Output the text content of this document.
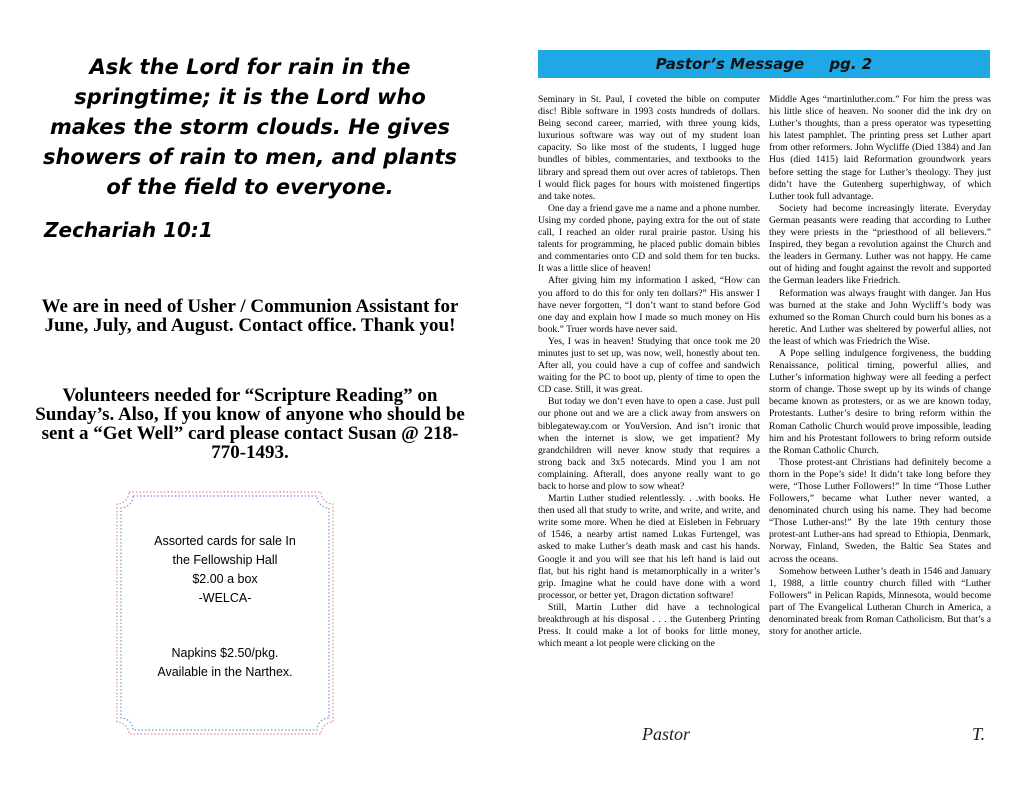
Ask the Lord for rain in the springtime; it is the Lord who makes the storm clouds. He gives showers of rain to men, and plants of the field to everyone.
Zechariah 10:1
We are in need of Usher / Communion Assistant for June, July, and August. Contact office. Thank you!
Volunteers needed for “Scripture Reading” on Sunday’s. Also, If you know of anyone who should be sent a “Get Well” card please contact Susan @ 218-770-1493.
Assorted cards for sale In
the Fellowship Hall
$2.00 a box
-WELCA-
Napkins $2.50/pkg.
Available in the Narthex.
Pastor’s Message pg. 2

Seminary in St. Paul, I coveted the bible on computer disc! Bible software in 1993 costs hundreds of dollars. Being second career, married, with three young kids, luxurious software was way out of my student loan capacity. So like most of the students, I lugged huge bundles of bibles, commentaries, and textbooks to the library and spread them out over acres of tabletops. Then I would flick pages for hours with moistened fingertips and take notes.

One day a friend gave me a name and a phone number. Using my corded phone, paying extra for the out of state call, I reached an older rural prairie pastor. Using his talents for programming, he placed public domain bibles and commentaries onto CD and sold them for ten bucks. It was a little slice of heaven!

After giving him my information I asked, “How can you afford to do this for only ten dollars?” His answer I have never forgotten, “I don’t want to stand before God one day and explain how I made so much money on His book.” Truer words have never said.

Yes, I was in heaven! Studying that once took me 20 minutes just to set up, was now, well, honestly about ten. After all, you could have a cup of coffee and sandwich waiting for the PC to boot up, plenty of time to open the CD case. Still, it was great.

But today we don’t even have to open a case. Just pull our phone out and we are a click away from answers on biblegateway.com or YouVersion. And isn’t ironic that when the internet is slow, we get impatient? My grandchildren will never know study that requires a strong back and 3x5 notecards. Mind you I am not complaining. Afterall, does anyone really want to go back to horse and plow to sow wheat?

Martin Luther studied relentlessly. . .with books. He then used all that study to write, and write, and write, and write some more. When he died at Eisleben in February of 1546, a nearby artist named Lukas Furtengel, was asked to make Luther’s death mask and cast his hands. Google it and you will see that his left hand is laid out flat, but his right hand is metamorphically in a writer’s grip. Imagine what he could have done with a word processor, or better yet, Dragon dictation software!

Still, Martin Luther did have a technological breakthrough at his disposal . . . the Gutenberg Printing Press. It could make a lot of books for little money, which meant a lot people were clicking on the

Middle Ages “martinluther.com.” For him the press was his little slice of heaven. No sooner did the ink dry on Luther’s thoughts, than a press operator was typesetting his latest pamphlet. The printing press set Luther apart from other reformers. John Wycliffe (Died 1384) and Jan Hus (died 1415) laid Reformation groundwork years before setting the stage for Luther’s theology. They just didn’t have the Gutenberg superhighway, of which Luther took full advantage.

Society had become increasingly literate. Everyday German peasants were reading that according to Luther they were priests in the “priesthood of all believers.” Inspired, they began a revolution against the Church and the leaders in Germany. Luther was not happy. He came out of hiding and fought against the revolt and supported the German leaders like Friedrich.

Reformation was always fraught with danger. Jan Hus was burned at the stake and John Wycliff’s body was exhumed so the Roman Church could burn his bones as a heretic. And Luther was sheltered by powerful allies, not the least of which was Friedrich the Wise.

A Pope selling indulgence forgiveness, the budding Renaissance, political timing, powerful allies, and Luther’s information highway were all feeding a perfect storm of change. Those swept up by its winds of change became known as protesters, or as we are known today, Protestants. Luther’s desire to bring reform within the Roman Catholic Church would prove impossible, leading him and his Protestant followers to bring reform outside the Roman Catholic Church.

Those protest-ant Christians had definitely become a thorn in the Pope’s side! It didn’t take long before they were, “Those Luther Followers!” In time “Those Luther Followers,” became what Luther never wanted, a denominated church using his name. They had become “Those Luther-ans!” By the late 19th century those protest-ant Luther-ans had spread to Ethiopia, Denmark, Norway, Finland, Sweden, the Baltic Sea States and across the oceans.

Somehow between Luther’s death in 1546 and January 1, 1988, a little country church filled with “Luther Followers” in Pelican Rapids, Minnesota, would become part of The Evangelical Lutheran Church in America, a denominated break from Roman Catholicism. But that’s a story for another article.

Pastor	T.
